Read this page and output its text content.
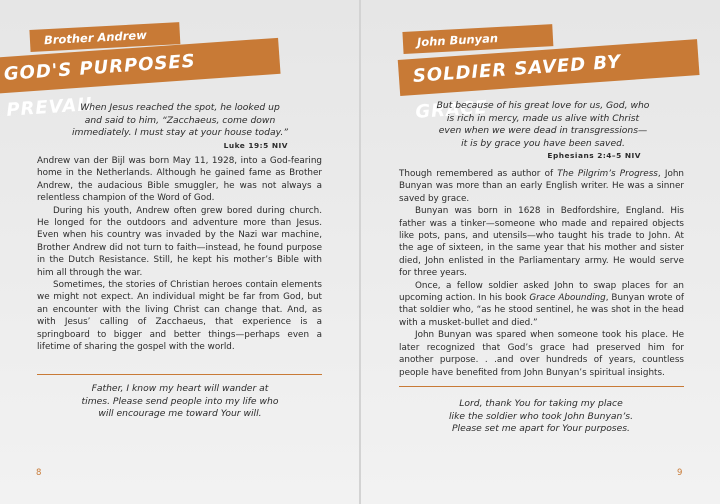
Brother Andrew
GOD'S PURPOSES PREVAIL
When Jesus reached the spot, he looked up
and said to him, “Zacchaeus, come down
immediately. I must stay at your house today.”
Luke 19:5 NIV

Andrew van der Bijl was born May 11, 1928, into a God-fearing home in the Netherlands. Although he gained fame as Brother Andrew, the audacious Bible smuggler, he was not always a relentless champion of the Word of God.

During his youth, Andrew often grew bored during church. He longed for the outdoors and adventure more than Jesus. Even when his country was invaded by the Nazi war machine, Brother Andrew did not turn to faith—instead, he found purpose in the Dutch Resistance. Still, he kept his mother’s Bible with him all through the war.

Sometimes, the stories of Christian heroes contain elements we might not expect. An individual might be far from God, but an encounter with the living Christ can change that. And, as with Jesus’ calling of Zacchaeus, that experience is a springboard to bigger and better things—perhaps even a lifetime of sharing the gospel with the world.

Father, I know my heart will wander at
times. Please send people into my life who
will encourage me toward Your will.
8
John Bunyan
SOLDIER SAVED BY GRACE
But because of his great love for us, God, who
is rich in mercy, made us alive with Christ
even when we were dead in transgressions—
it is by grace you have been saved.
Ephesians 2:4–5 NIV

Though remembered as author of The Pilgrim’s Progress, John Bunyan was more than an early English writer. He was a sinner saved by grace.

Bunyan was born in 1628 in Bedfordshire, England. His father was a tinker—someone who made and repaired objects like pots, pans, and utensils—who taught his trade to John. At the age of sixteen, in the same year that his mother and sister died, John enlisted in the Parliamentary army. He would serve for three years.

Once, a fellow soldier asked John to swap places for an upcoming action. In his book Grace Abounding, Bunyan wrote of that soldier who, “as he stood sentinel, he was shot in the head with a musket-bullet and died.”

John Bunyan was spared when someone took his place. He later recognized that God’s grace had preserved him for another purpose. . .and over hundreds of years, countless people have benefited from John Bunyan’s spiritual insights.

Lord, thank You for taking my place
like the soldier who took John Bunyan’s.
Please set me apart for Your purposes.
9
